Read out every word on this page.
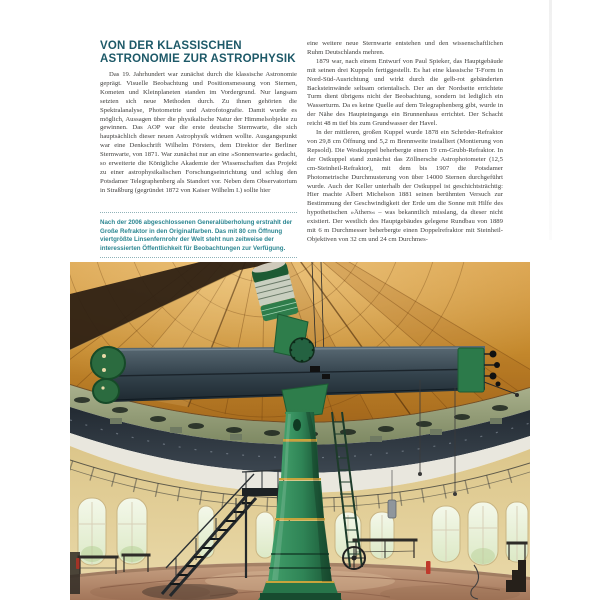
VON DER KLASSISCHEN
ASTRONOMIE ZUR ASTROPHYSIK

Das 19. Jahrhundert war zunächst durch die klassische Astronomie geprägt. Visuelle Beobachtung und Positionsmessung von Sternen, Kometen und Kleinplaneten standen im Vordergrund. Nur langsam setzten sich neue Methoden durch. Zu ihnen gehörten die Spektralanalyse, Photometrie und Astrofotografie. Damit wurde es möglich, Aussagen über die physikalische Natur der Himmelsobjekte zu gewinnen. Das AOP war die erste deutsche Sternwarte, die sich hauptsächlich dieser neuen Astrophysik widmen wollte. Ausgangspunkt war eine Denkschrift Wilhelm Försters, dem Direktor der Berliner Sternwarte, von 1871. War zunächst nur an eine »Sonnenwarte« gedacht, so erweiterte die Königliche Akademie der Wissenschaften das Projekt zu einer astrophysikalischen Forschungseinrichtung und schlug den Potsdamer Telegraphenberg als Standort vor. Neben dem Observatorium in Straßburg (gegründet 1872 von Kaiser Wilhelm I.) sollte hier

Nach der 2006 abgeschlossenen Generalüberholung erstrahlt der Große Refraktor in den Originalfarben. Das mit 80 cm Öffnung viertgrößte Linsenfernrohr der Welt steht nun zeitweise der interessierten Öffentlichkeit für Beobachtungen zur Verfügung.

eine weitere neue Sternwarte entstehen und den wissenschaftlichen Ruhm Deutschlands mehren.

1879 war, nach einem Entwurf von Paul Spieker, das Hauptgebäude mit seinen drei Kuppeln fertiggestellt. Es hat eine klassische T-Form in Nord-Süd-Ausrichtung und wirkt durch die gelb-rot gebänderten Backsteinwände seltsam orientalisch. Der an der Nordseite errichtete Turm dient übrigens nicht der Beobachtung, sondern ist lediglich ein Wasserturm. Da es keine Quelle auf dem Telegraphenberg gibt, wurde in der Nähe des Haupteingangs ein Brunnenhaus errichtet. Der Schacht reicht 48 m tief bis zum Grundwasser der Havel.

In der mittleren, großen Kuppel wurde 1878 ein Schröder-Refraktor von 29,8 cm Öffnung und 5,2 m Brennweite installiert (Montierung von Repsold). Die Westkuppel beherbergte einen 19 cm-Grubb-Refraktor. In der Ostkuppel stand zunächst das Zöllnersche Astrophotometer (12,5 cm-Steinheil-Refraktor), mit dem bis 1907 die Potsdamer Photometrische Durchmusterung von über 14000 Sternen durchgeführt wurde. Auch der Keller unterhalb der Ostkuppel ist geschichtsträchtig: Hier machte Albert Michelson 1881 seinen berühmten Versuch zur Bestimmung der Geschwindigkeit der Erde um die Sonne mit Hilfe des hypothetischen »Äthers« – was bekanntlich misslang, da dieser nicht existiert. Der westlich des Hauptgebäudes gelegene Rundbau von 1889 mit 6 m Durchmesser beherbergte einen Doppelrefraktor mit Steinheil-Objektiven von 32 cm und 24 cm Durchmes-
